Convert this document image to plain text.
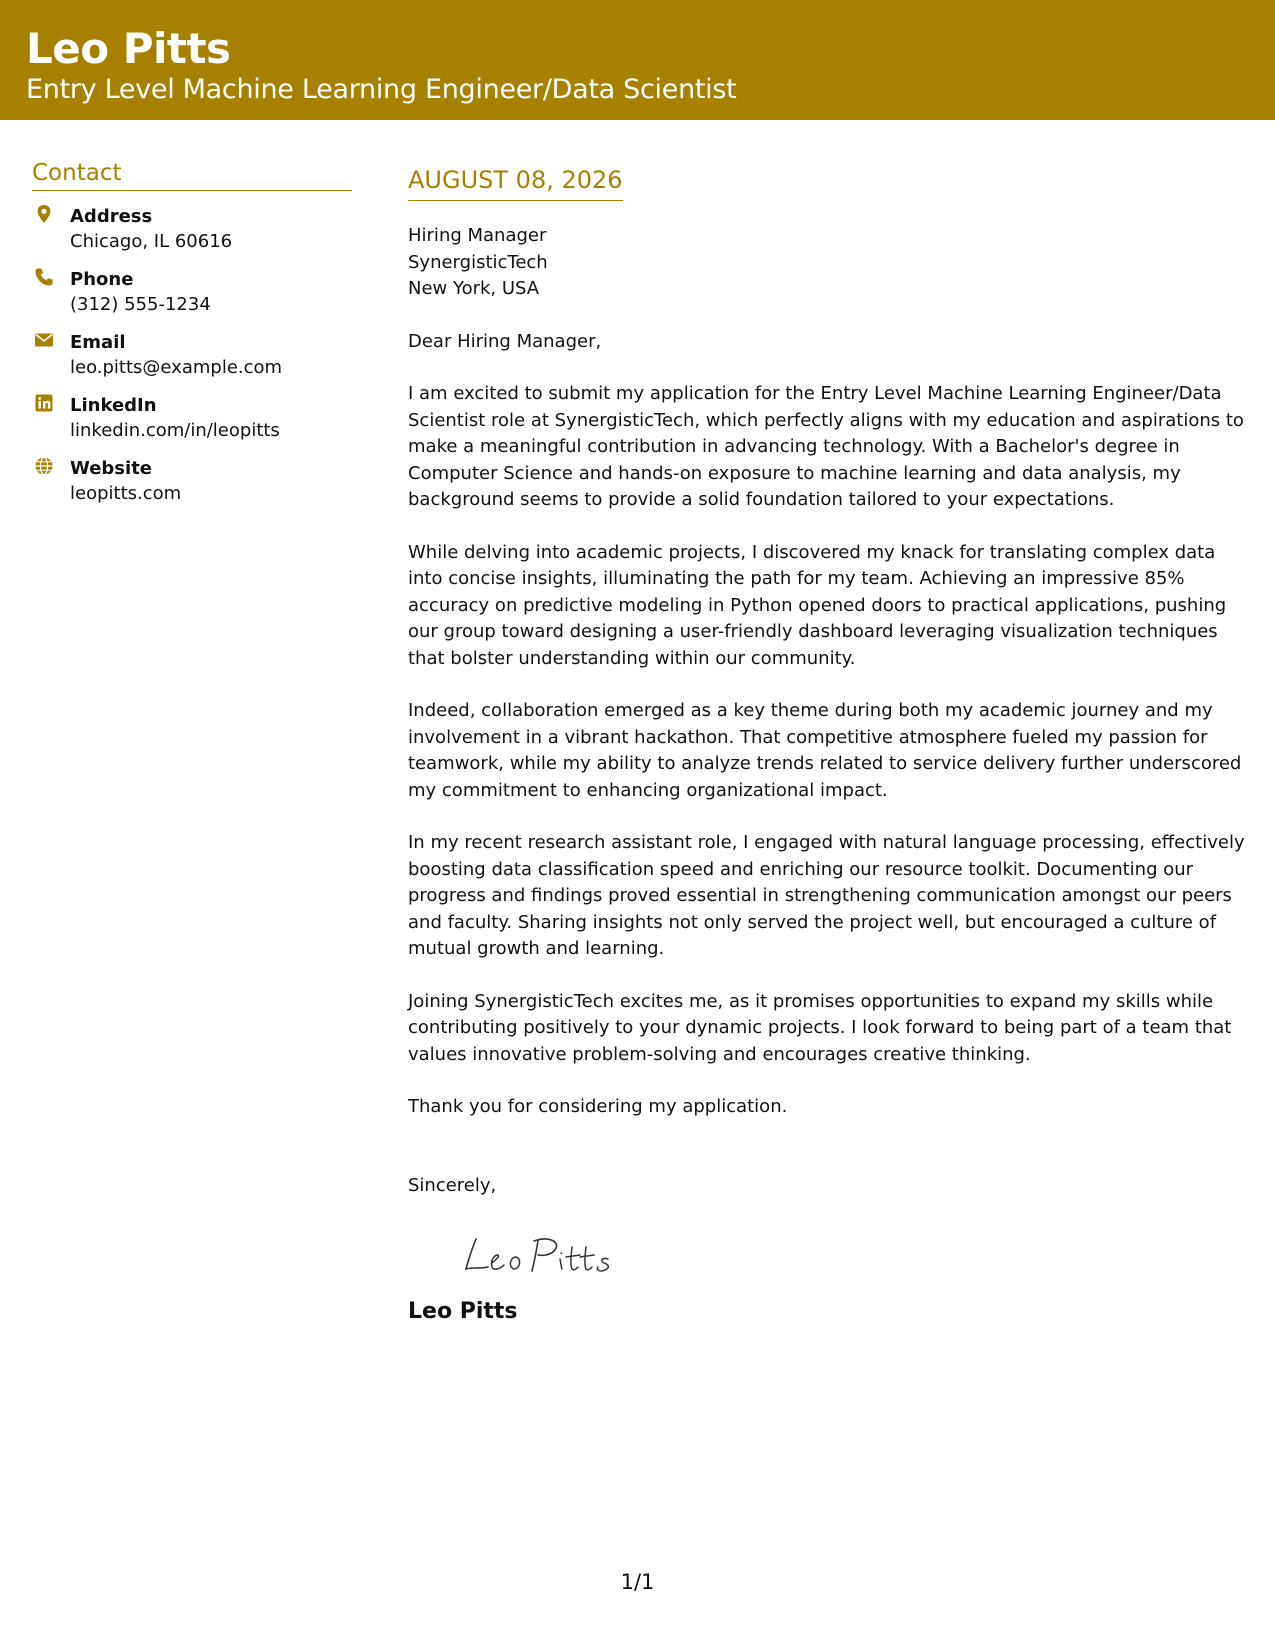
Leo Pitts
Entry Level Machine Learning Engineer/Data Scientist
Contact
Address
Chicago, IL 60616
Phone
(312) 555-1234
Email
leo.pitts@example.com
LinkedIn
linkedin.com/in/leopitts
Website
leopitts.com
AUGUST 08, 2026
Hiring Manager
SynergisticTech
New York, USA
Dear Hiring Manager,
I am excited to submit my application for the Entry Level Machine Learning Engineer/Data Scientist role at SynergisticTech, which perfectly aligns with my education and aspirations to make a meaningful contribution in advancing technology. With a Bachelor's degree in Computer Science and hands-on exposure to machine learning and data analysis, my background seems to provide a solid foundation tailored to your expectations.
While delving into academic projects, I discovered my knack for translating complex data into concise insights, illuminating the path for my team. Achieving an impressive 85% accuracy on predictive modeling in Python opened doors to practical applications, pushing our group toward designing a user-friendly dashboard leveraging visualization techniques that bolster understanding within our community.
Indeed, collaboration emerged as a key theme during both my academic journey and my involvement in a vibrant hackathon. That competitive atmosphere fueled my passion for teamwork, while my ability to analyze trends related to service delivery further underscored my commitment to enhancing organizational impact.
In my recent research assistant role, I engaged with natural language processing, effectively boosting data classification speed and enriching our resource toolkit. Documenting our progress and findings proved essential in strengthening communication amongst our peers and faculty. Sharing insights not only served the project well, but encouraged a culture of mutual growth and learning.
Joining SynergisticTech excites me, as it promises opportunities to expand my skills while contributing positively to your dynamic projects. I look forward to being part of a team that values innovative problem-solving and encourages creative thinking.
Thank you for considering my application.
Sincerely,
Leo Pitts
1/1
